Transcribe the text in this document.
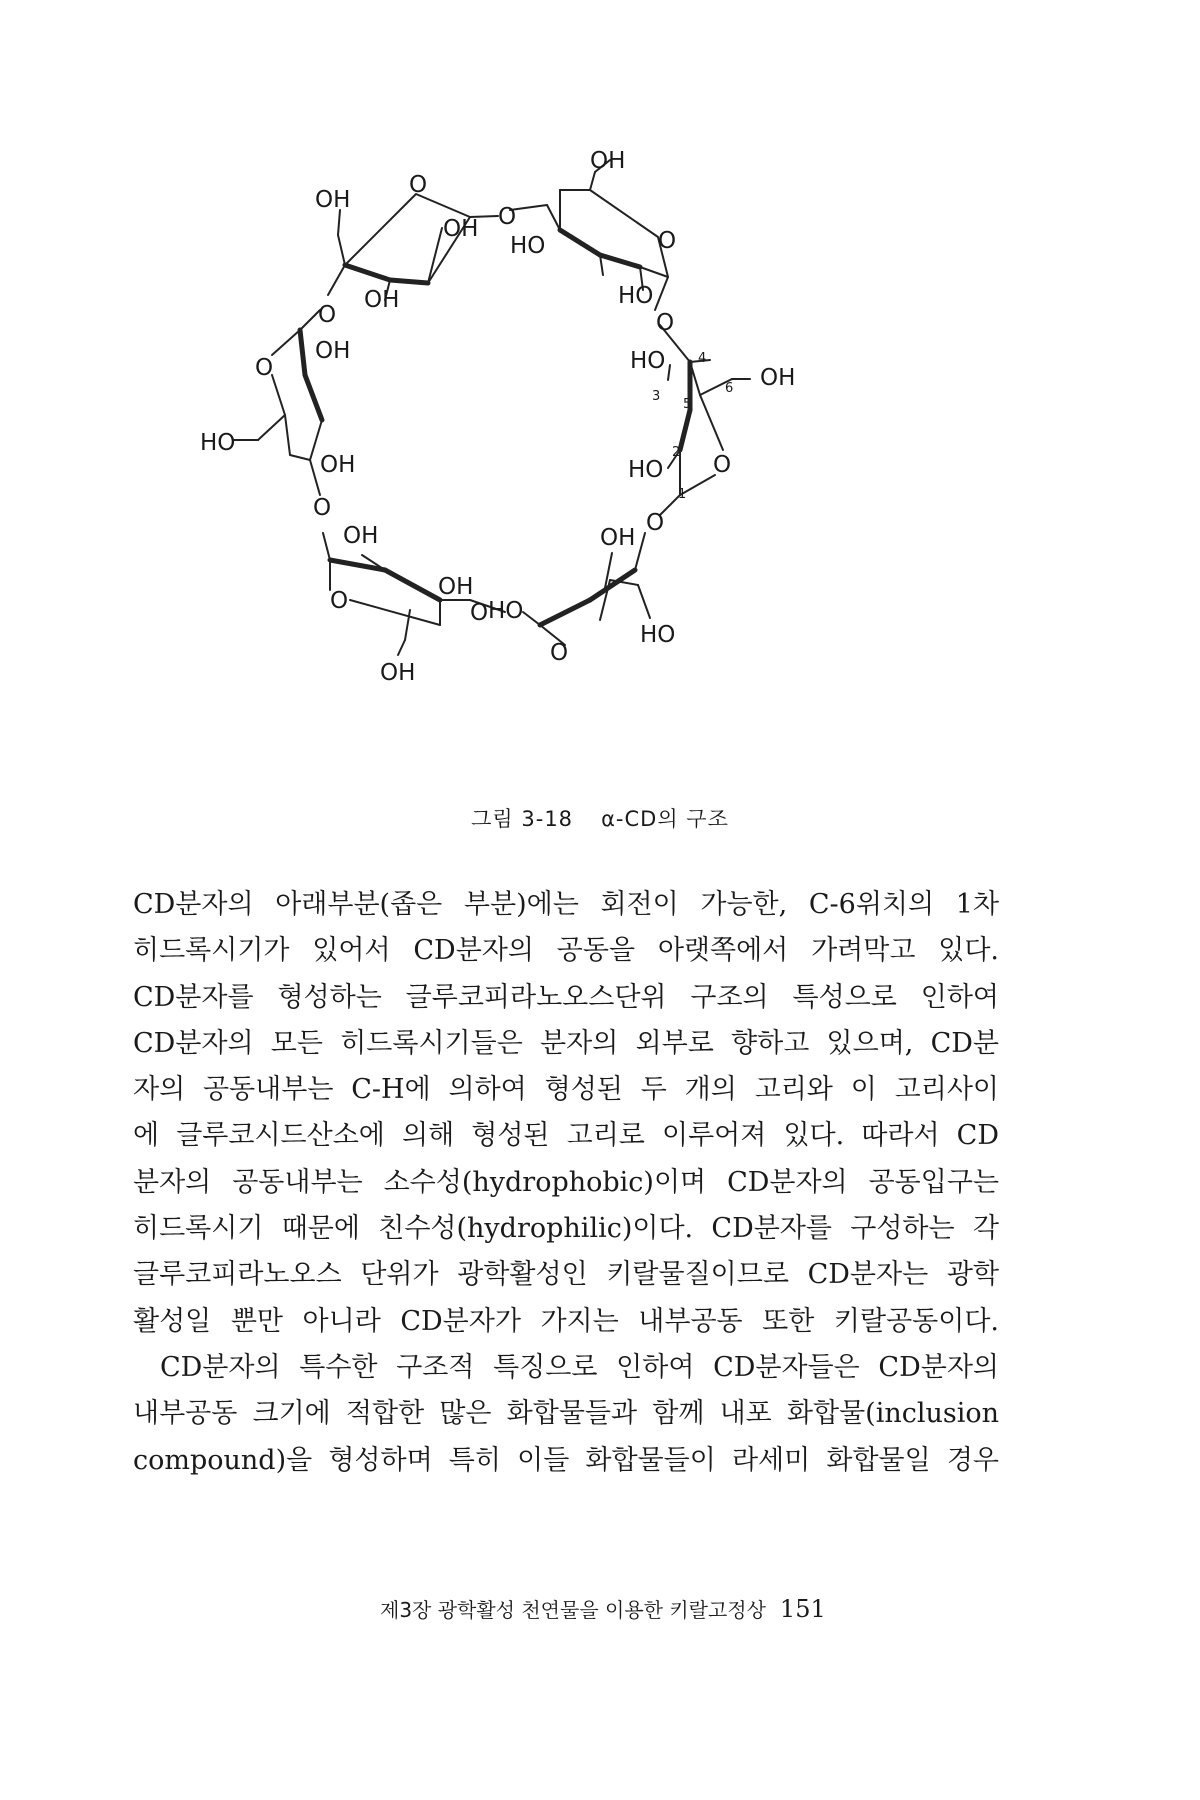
OH
OH
O
OH O
HO	O
OH	HO
O	O
OH	HO
OH
O
O
HO
OH	HO
O
O
OH	OH
OH
O	O HO
HO
O
OH
1
2
3
4
5
6
그림 3-18 α-CD의 구조
CD분자의 아래부분(좁은 부분)에는 회전이 가능한, C-6위치의 1차
히드록시기가 있어서 CD분자의 공동을 아랫쪽에서 가려막고 있다.
CD분자를 형성하는 글루코피라노오스단위 구조의 특성으로 인하여
CD분자의 모든 히드록시기들은 분자의 외부로 향하고 있으며, CD분
자의 공동내부는 C-H에 의하여 형성된 두 개의 고리와 이 고리사이
에 글루코시드산소에 의해 형성된 고리로 이루어져 있다. 따라서 CD
분자의 공동내부는 소수성(hydrophobic)이며 CD분자의 공동입구는
히드록시기 때문에 친수성(hydrophilic)이다. CD분자를 구성하는 각
글루코피라노오스 단위가 광학활성인 키랄물질이므로 CD분자는 광학
활성일 뿐만 아니라 CD분자가 가지는 내부공동 또한 키랄공동이다.
CD분자의 특수한 구조적 특징으로 인하여 CD분자들은 CD분자의
내부공동 크기에 적합한 많은 화합물들과 함께 내포 화합물(inclusion
compound)을 형성하며 특히 이들 화합물들이 라세미 화합물일 경우
제3장 광학활성 천연물을 이용한 키랄고정상 151
